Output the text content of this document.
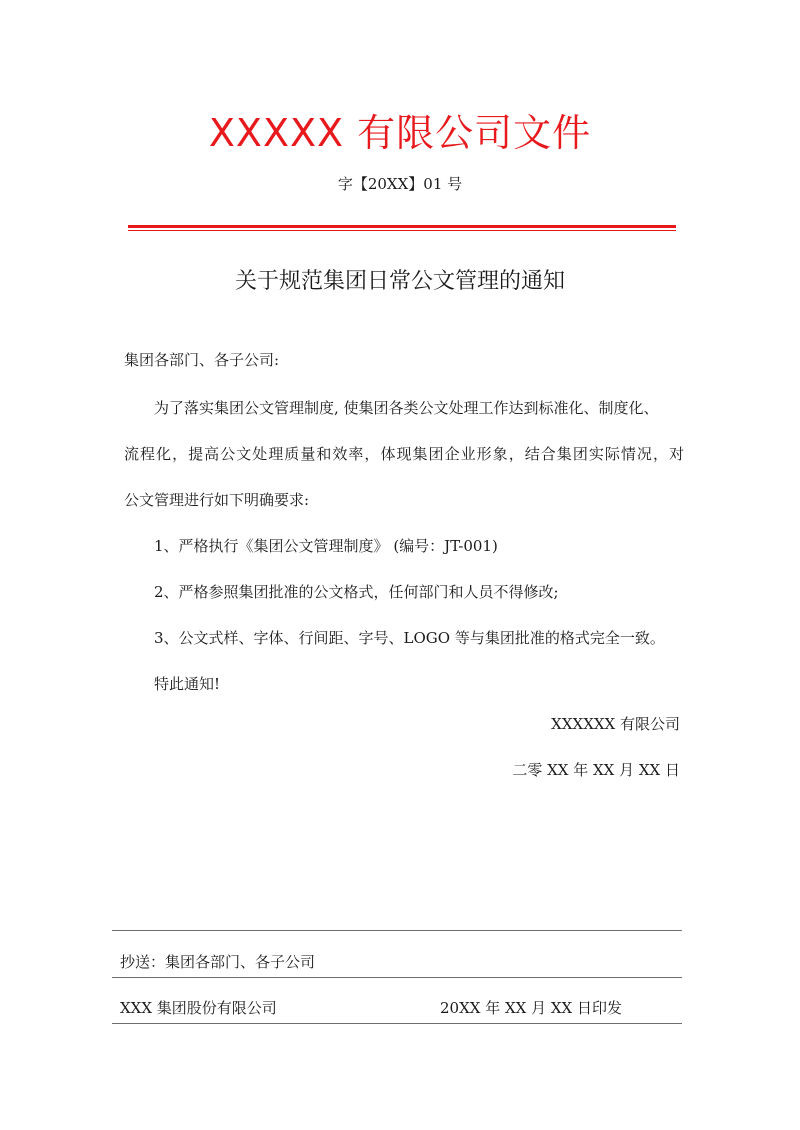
XXXXX 有限公司文件
字【20XX】01 号
关于规范集团日常公文管理的通知
集团各部门、各子公司:
为了落实集团公文管理制度, 使集团各类公文处理工作达到标准化、制度化、
流程化，提高公文处理质量和效率，体现集团企业形象，结合集团实际情况，对
公文管理进行如下明确要求:
1、严格执行《集团公文管理制度》 (编号：JT-001)
2、严格参照集团批准的公文格式，任何部门和人员不得修改;
3、公文式样、字体、行间距、字号、LOGO 等与集团批准的格式完全一致。
特此通知!
XXXXXX 有限公司
二零 XX 年 XX 月 XX 日
抄送：集团各部门、各子公司
XXX 集团股份有限公司	20XX 年 XX 月 XX 日印发
